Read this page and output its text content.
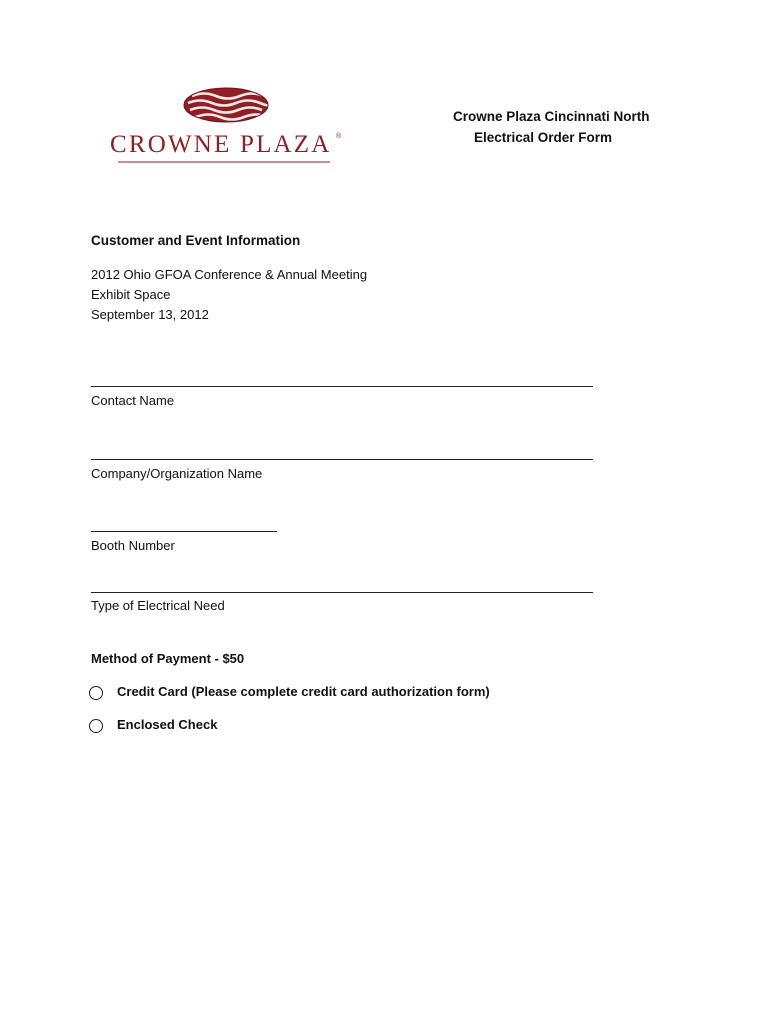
CROWNE PLAZA ®
Crowne Plaza Cincinnati North
Electrical Order Form
Customer and Event Information
2012 Ohio GFOA Conference & Annual Meeting
Exhibit Space
September 13, 2012
Contact Name
Company/Organization Name
Booth Number
Type of Electrical Need
Method of Payment - $50
Credit Card (Please complete credit card authorization form)
Enclosed Check
